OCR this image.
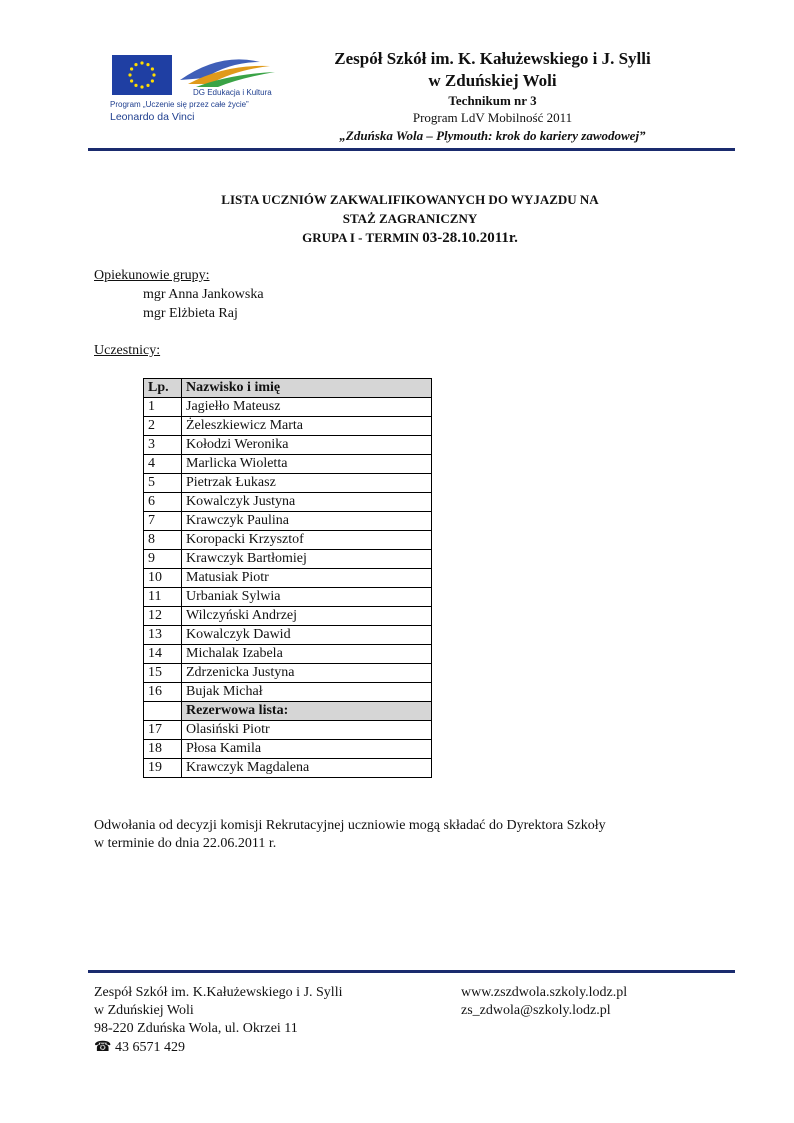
DG Edukacja i Kultura
Program „Uczenie się przez całe życie”
Leonardo da Vinci
Zespół Szkół im. K. Kałużewskiego i J. Sylli
w Zduńskiej Woli
Technikum nr 3
Program LdV Mobilność 2011
„Zduńska Wola – Plymouth: krok do kariery zawodowej”
LISTA UCZNIÓW ZAKWALIFIKOWANYCH DO WYJAZDU NA
STAŻ ZAGRANICZNY
GRUPA I - TERMIN 03-28.10.2011r.
Opiekunowie grupy:
mgr Anna Jankowska
mgr Elżbieta Raj
Uczestnicy:
Lp.	Nazwisko i imię
1	Jagiełło Mateusz
2	Żeleszkiewicz Marta
3	Kołodzi Weronika
4	Marlicka Wioletta
5	Pietrzak Łukasz
6	Kowalczyk Justyna
7	Krawczyk Paulina
8	Koropacki Krzysztof
9	Krawczyk Bartłomiej
10	Matusiak Piotr
11	Urbaniak Sylwia
12	Wilczyński Andrzej
13	Kowalczyk Dawid
14	Michalak Izabela
15	Zdrzenicka Justyna
16	Bujak Michał
	Rezerwowa lista:
17	Olasiński Piotr
18	Płosa Kamila
19	Krawczyk Magdalena
Odwołania od decyzji komisji Rekrutacyjnej uczniowie mogą składać do Dyrektora Szkoły
w terminie do dnia 22.06.2011 r.
Zespół Szkół im. K.Kałużewskiego i J. Sylli
w Zduńskiej Woli
98-220 Zduńska Wola, ul. Okrzei 11
☎ 43 6571 429
www.zszdwola.szkoly.lodz.pl
zs_zdwola@szkoly.lodz.pl
